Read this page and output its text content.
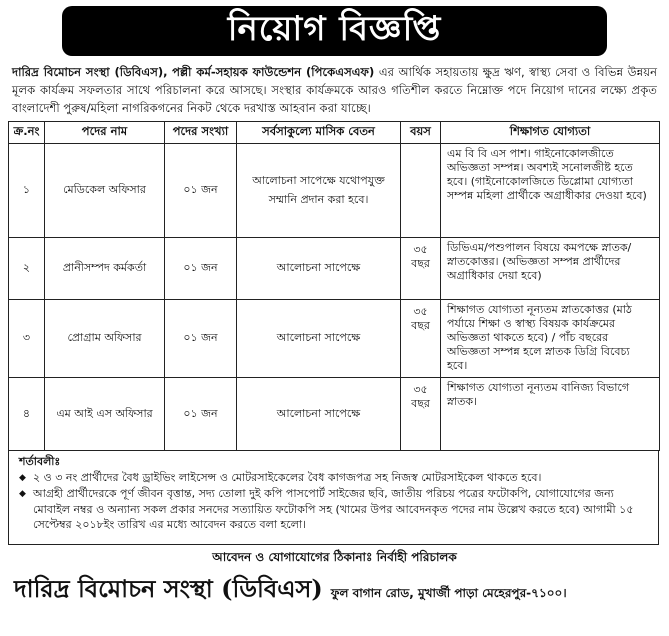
নিয়োগ বিজ্ঞপ্তি
দারিদ্র বিমোচন সংস্থা (ডিবিএস), পল্লী কর্ম-সহায়ক ফাউন্ডেশন (পিকেএসএফ) এর আর্থিক সহায়তায় ক্ষুদ্র ঋণ, স্বাস্থ্য সেবা ও বিভিন্ন উন্নয়ন মূলক কার্যক্রম সফলতার সাথে পরিচালনা করে আসছে। সংস্থার কার্যক্রমকে আরও গতিশীল করতে নিম্নোক্ত পদে নিয়োগ দানের লক্ষ্যে প্রকৃত বাংলাদেশী পুরুষ/মহিলা নাগরিকগনের নিকট থেকে দরখাস্ত আহবান করা যাচ্ছে।
ক্র.নং	পদের নাম	পদের সংখ্যা	সর্বসাকুল্যে মাসিক বেতন	বয়স	শিক্ষাগত যোগ্যতা
১	মেডিকেল অফিসার	০১ জন	আলোচনা সাপেক্ষে যথোপযুক্ত সম্মানি প্রদান করা হবে।		এম বি বি এস পাশ। গাইনোকোলজীতে অভিজ্ঞতা সম্পন্ন। অবশ্যই সনোলজীষ্ট হতে হবে। (গাইনোকোলজিতে ডিপ্লোমা যোগ্যতা সম্পন্ন মহিলা প্রার্থীকে অগ্রাধীকার দেওয়া হবে)
২	প্রানীসম্পদ কর্মকর্তা	০১ জন	আলোচনা সাপেক্ষে	৩৫ বছর	ডিভিএম/পশুপালন বিষয়ে কমপক্ষে স্নাতক/স্নাতকোত্তর। (অভিজ্ঞতা সম্পন্ন প্রার্থীদের অগ্রাধিকার দেয়া হবে)
৩	প্রোগ্রাম অফিসার	০১ জন	আলোচনা সাপেক্ষে	৩৫ বছর	শিক্ষাগত যোগ্যতা নূন্যতম স্নাতকোত্তর (মাঠ পর্যায়ে শিক্ষা ও স্বাস্থ্য বিষয়ক কার্যক্রমের অভিজ্ঞতা থাকতে হবে) / পাঁচ বছরের অভিজ্ঞতা সম্পন্ন হলে স্নাতক ডিগ্রি বিবেচ্য হবে।
৪	এম আই এস অফিসার	০১ জন	আলোচনা সাপেক্ষে	৩৫ বছর	শিক্ষাগত যোগ্যতা নূন্যতম বানিজ্য বিভাগে স্নাতক।
শর্তাবলীঃ
◆ ২ ও ৩ নং প্রার্থীদের বৈধ ড্রাইভিং লাইসেন্স ও মোটরসাইকেলের বৈধ কাগজপত্র সহ নিজস্ব মোটরসাইকেল থাকতে হবে।
◆ আগ্রহী প্রার্থীদেরকে পূর্ণ জীবন বৃত্তান্ত, সদ্য তোলা দুই কপি পাসপোর্ট সাইজের ছবি, জাতীয় পরিচয় পত্রের ফটোকপি, যোগাযোগের জন্য মোবাইল নম্বর ও অন্যান্য সকল প্রকার সনদের সত্যায়িত ফটোকপি সহ (খামের উপর আবেদনকৃত পদের নাম উল্লেখ করতে হবে) আগামী ১৫ সেপ্টেম্বর ২০১৮ইং তারিখ এর মধ্যে আবেদন করতে বলা হলো।
আবেদন ও যোগাযোগের ঠিকানাঃ নির্বাহী পরিচালক
দারিদ্র বিমোচন সংস্থা (ডিবিএস) ফুল বাগান রোড, মুখার্জী পাড়া মেহেরপুর-৭১০০।
